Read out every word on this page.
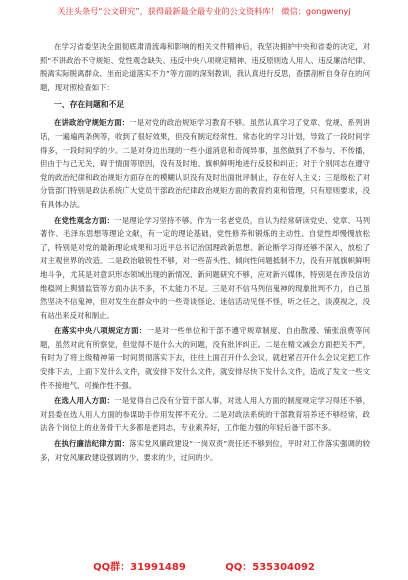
关注头条号“公文研究”，获得最新最全最专业的公文资料库！ 微信：gongwenyj

在学习省委坚决全面彻底肃清流毒和影响的相关文件精神后，我坚决拥护中央和省委的决定，对照“不讲政治不守规矩、党性观念缺失、违反中央八项规定精神、违反原则选人用人、违反廉洁纪律、脱离实际脱离群众、坐而论道落实不力”等方面的深刻教训，我认真进行反思，查摆剖析自身存在的问题，现对照检查如下：

一、存在问题和不足

在讲政治守规矩方面：一是对党的政治规矩学习教育不够。虽然认真学习了党章、党规、系列讲话，一遍遍两条例等，收到了很好效果，但没有制定经常性、常态化的学习计划，导致了一段时间学得多，一段时间学的少。二是对身边出现的一些小道消息和奇闻异事，虽然做到了不参与、不传播，但由于与己无关，碍于情面等原因，没有及时地、旗帜鲜明地进行反驳和纠正；对于个别同志在遵守党的政治纪律和政治规矩方面存在的模糊认识没有及时出面批评制止，存在好人主义；三是级松了对分管部门特别是政法系统广大党员干部政治纪律政治规矩方面的教育约束和管理，只有原则要求，没有具体办法。

在党性观念方面：一是理论学习坚持不够。作为一名老党员，自认为经常研读党史、党章、马列著作、毛泽东思想等理论文献，有一定的理论基础，党性修养和锻炼的主动性、自觉性却慢慢放松了，特别是对党的最新理论成果和习近平总书记治国理政新思想、新论断学习得还够不深入，放松了对主观世界的改造。二是政治敏锐性不够，对一些苗头性、倾向性问题抵制不力，没有开展旗帜鲜明地斗争，尤其是对意识形态领域出现的新情况、新问题研究不够，应对新兴媒体，特别是在涉及信访维稳网上舆情监管等方面办法不多，不太能力不足。三是对不信马列信鬼神的现象批判不力，自己虽然坚决不信鬼神，但对发生在群众中的一些奇谈怪论、迷信活动见怪不怪，听之任之，淡漠视之，没有站出来反对和制止。

在落实中央八项规定方面：一是对一些单位和干部不遵守规章制度、自由散漫、铺张浪费等问题，虽然对此有所察觉，但觉得不是什么大的问题，没有批评纠正。二是在精文减会方面把关不严，有时为了将上级精神第一时间贯彻落实下去，往往上面召开什么会议，就赶紧召开什么会议定把工作安排下去，上面下发什么文件，就安排下发什么文件，就安排尽快下发什么文件，造成了发文一些文件不接地气、可操作性不强。

在选人用人方面：一是觉得自己没有分管干部人事，对选人用人方面的制度规定学习得还不够，对县委在选人用人方面的参谋助手作用发挥不充分。二是对政法系统的干部教育培养还不够经常，政法各个岗位上的业务骨干大多都是老同志，专业素养好，工作能力强的年轻后备干部不多。

在执行廉洁纪律方面：落实党风廉政建设“一岗双责”责任还不够到位，平时对工作落实强调的较多，对党风廉政建设强调的少、要求的少，过问的少。

QQ群：31991489	QQ：535304092
